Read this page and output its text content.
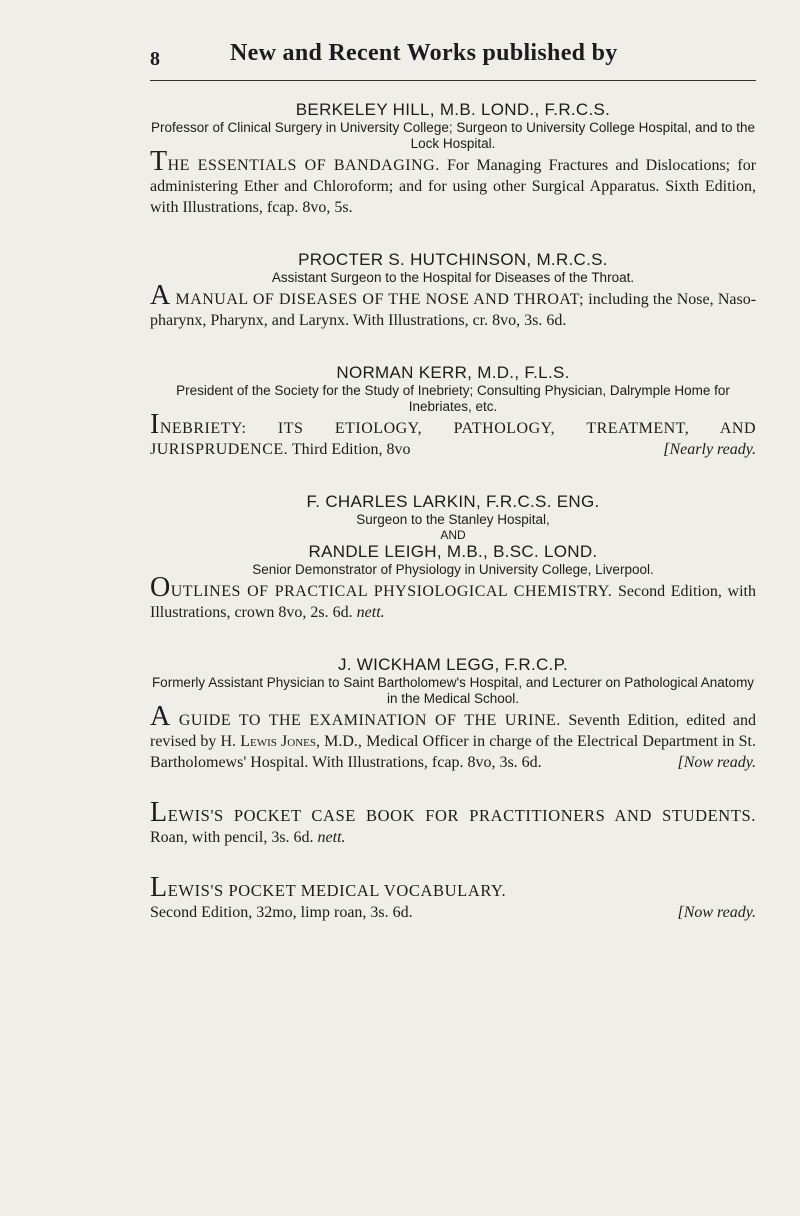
8	New and Recent Works published by
BERKELEY HILL, M.B. LOND., F.R.C.S.
Professor of Clinical Surgery in University College; Surgeon to University College Hospital, and to the Lock Hospital.
THE ESSENTIALS OF BANDAGING. For Managing Fractures and Dislocations; for administering Ether and Chloroform; and for using other Surgical Apparatus. Sixth Edition, with Illustrations, fcap. 8vo, 5s.
PROCTER S. HUTCHINSON, M.R.C.S.
Assistant Surgeon to the Hospital for Diseases of the Throat.
A MANUAL OF DISEASES OF THE NOSE AND THROAT; including the Nose, Naso-pharynx, Pharynx, and Larynx. With Illustrations, cr. 8vo, 3s. 6d.
NORMAN KERR, M.D., F.L.S.
President of the Society for the Study of Inebriety; Consulting Physician, Dalrymple Home for Inebriates, etc.
INEBRIETY: ITS ETIOLOGY, PATHOLOGY, TREATMENT, AND JURISPRUDENCE. Third Edition, 8vo	[Nearly ready.
F. CHARLES LARKIN, F.R.C.S. ENG.
Surgeon to the Stanley Hospital,
AND
RANDLE LEIGH, M.B., B.SC. LOND.
Senior Demonstrator of Physiology in University College, Liverpool.
OUTLINES OF PRACTICAL PHYSIOLOGICAL CHEMISTRY. Second Edition, with Illustrations, crown 8vo, 2s. 6d. nett.
J. WICKHAM LEGG, F.R.C.P.
Formerly Assistant Physician to Saint Bartholomew's Hospital, and Lecturer on Pathological Anatomy in the Medical School.
A GUIDE TO THE EXAMINATION OF THE URINE. Seventh Edition, edited and revised by H. Lewis Jones, M.D., Medical Officer in charge of the Electrical Department in St. Bartholomews' Hospital. With Illustrations, fcap. 8vo, 3s. 6d.	[Now ready.
LEWIS'S POCKET CASE BOOK FOR PRACTITIONERS AND STUDENTS. Roan, with pencil, 3s. 6d. nett.
LEWIS'S POCKET MEDICAL VOCABULARY.
Second Edition, 32mo, limp roan, 3s. 6d.	[Now ready.
